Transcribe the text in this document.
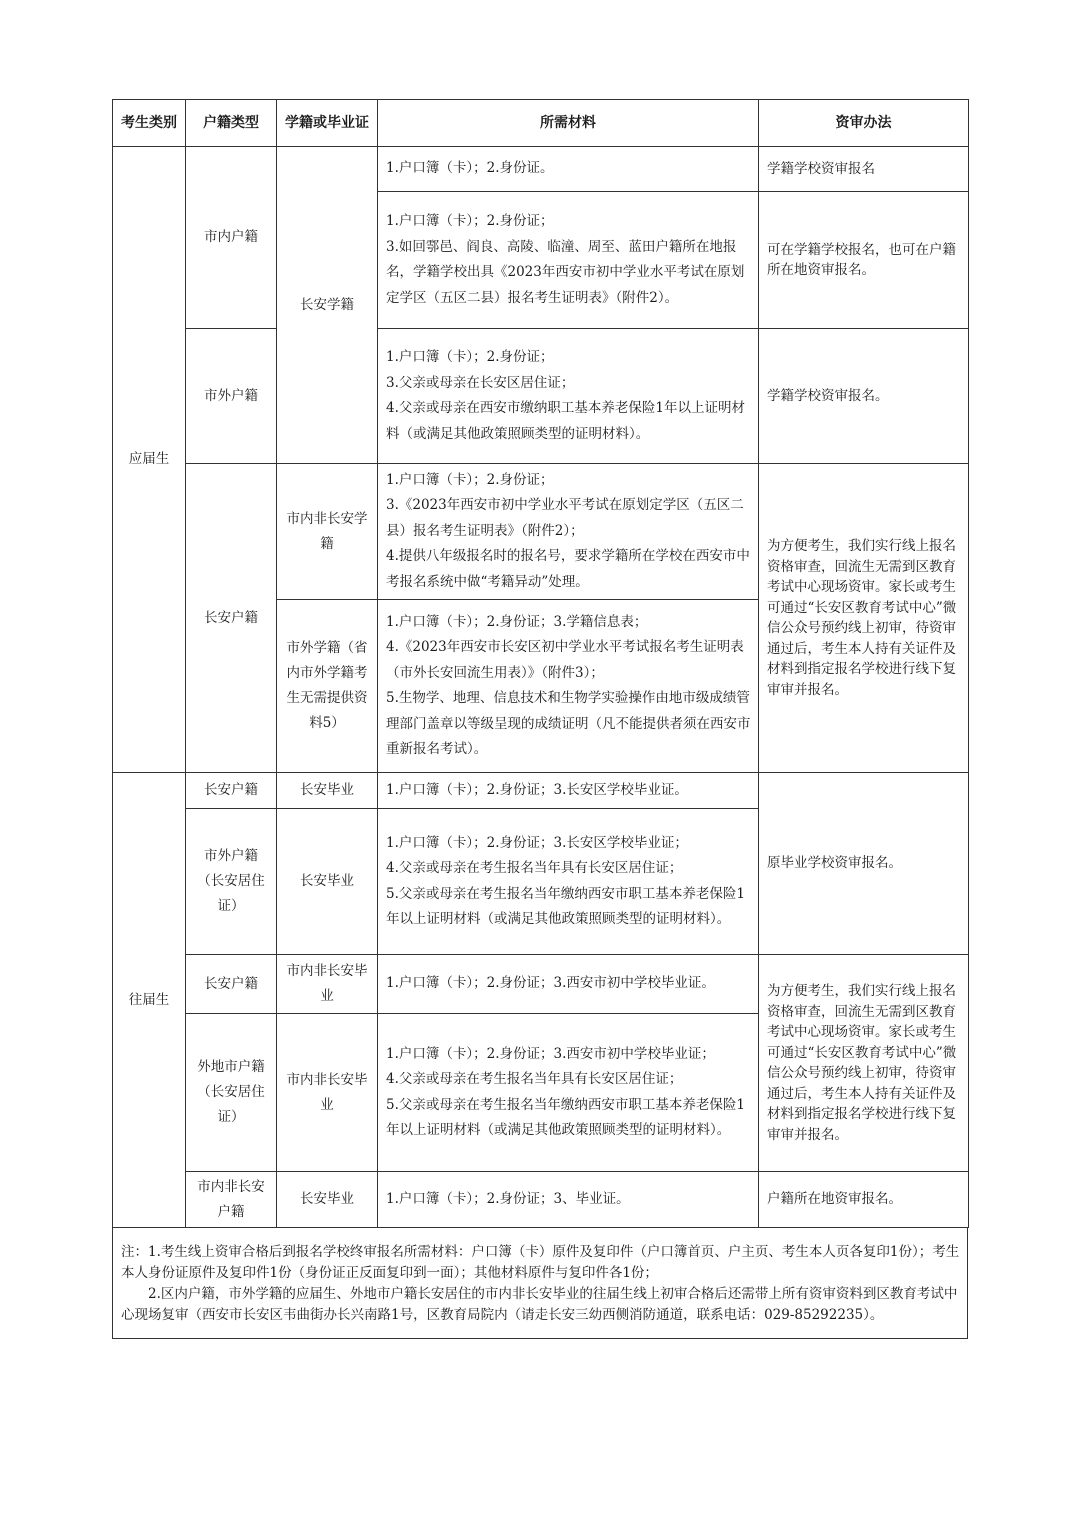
考生类别	户籍类型	学籍或毕业证	所需材料	资审办法
应届生	市内户籍	长安学籍	1.户口簿（卡）；2.身份证。	学籍学校资审报名

			1.户口簿（卡）；2.身份证；
3.如回鄠邑、阎良、高陵、临潼、周至、蓝田户籍所在地报名，学籍学校出具《2023年西安市初中学业水平考试在原划定学区（五区二县）报名考生证明表》（附件2）。	可在学籍学校报名，也可在户籍所在地资审报名。
	市外户籍		1.户口簿（卡）；2.身份证；
3.父亲或母亲在长安区居住证；
4.父亲或母亲在西安市缴纳职工基本养老保险1年以上证明材料（或满足其他政策照顾类型的证明材料）。	学籍学校资审报名。
	长安户籍	市内非长安学籍	1.户口簿（卡）；2.身份证；
3.《2023年西安市初中学业水平考试在原划定学区（五区二县）报名考生证明表》（附件2）；
4.提供八年级报名时的报名号，要求学籍所在学校在西安市中考报名系统中做“考籍异动”处理。	为方便考生，我们实行线上报名资格审查，回流生无需到区教育考试中心现场资审。家长或考生可通过“长安区教育考试中心”微信公众号预约线上初审，待资审通过后，考生本人持有关证件及材料到指定报名学校进行线下复审审并报名。
		市外学籍（省内市外学籍考生无需提供资料5）	1.户口簿（卡）；2.身份证；3.学籍信息表；
4.《2023年西安市长安区初中学业水平考试报名考生证明表（市外长安回流生用表）》（附件3）；
5.生物学、地理、信息技术和生物学实验操作由地市级成绩管理部门盖章以等级呈现的成绩证明（凡不能提供者须在西安市重新报名考试）。	

往届生	长安户籍	长安毕业	1.户口簿（卡）；2.身份证；3.长安区学校毕业证。	原毕业学校资审报名。
	市外户籍（长安居住证）	长安毕业	1.户口簿（卡）；2.身份证；3.长安区学校毕业证；
4.父亲或母亲在考生报名当年具有长安区居住证；
5.父亲或母亲在考生报名当年缴纳西安市职工基本养老保险1年以上证明材料（或满足其他政策照顾类型的证明材料）。	

	长安户籍	市内非长安毕业	1.户口簿（卡）；2.身份证；3.西安市初中学校毕业证。	为方便考生，我们实行线上报名资格审查，回流生无需到区教育考试中心现场资审。家长或考生可通过“长安区教育考试中心”微信公众号预约线上初审，待资审通过后，考生本人持有关证件及材料到指定报名学校进行线下复审审并报名。
	外地市户籍（长安居住证）	市内非长安毕业	1.户口簿（卡）；2.身份证；3.西安市初中学校毕业证；
4.父亲或母亲在考生报名当年具有长安区居住证；
5.父亲或母亲在考生报名当年缴纳西安市职工基本养老保险1年以上证明材料（或满足其他政策照顾类型的证明材料）。	

	市内非长安户籍	长安毕业	1.户口簿（卡）；2.身份证；3、毕业证。	户籍所在地资审报名。

注：1.考生线上资审合格后到报名学校终审报名所需材料：户口簿（卡）原件及复印件（户口簿首页、户主页、考生本人页各复印1份）；考生本人身份证原件及复印件1份（身份证正反面复印到一面）；其他材料原件与复印件各1份；

2.区内户籍，市外学籍的应届生、外地市户籍长安居住的市内非长安毕业的往届生线上初审合格后还需带上所有资审资料到区教育考试中心现场复审（西安市长安区韦曲街办长兴南路1号，区教育局院内（请走长安三幼西侧消防通道，联系电话：029-85292235）。
